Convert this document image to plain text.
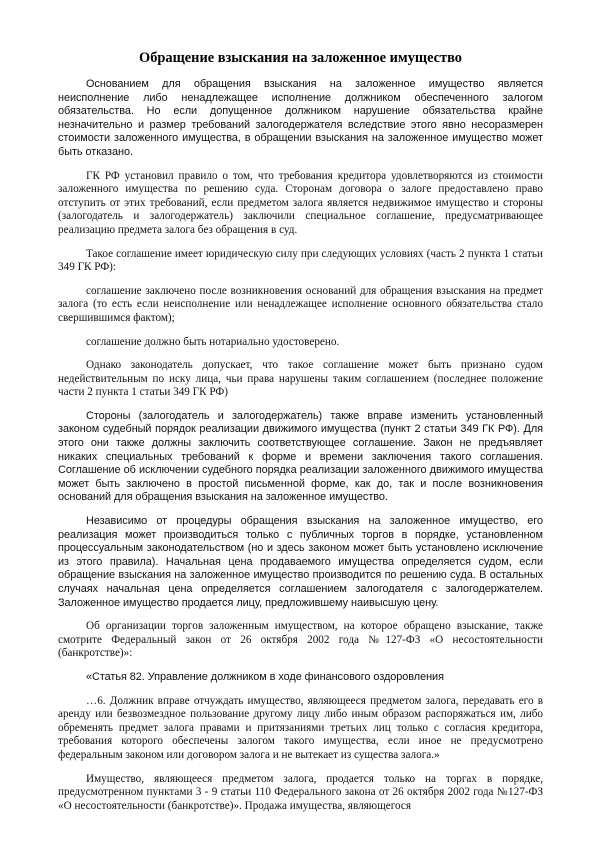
Обращение взыскания на заложенное имущество

Основанием для обращения взыскания на заложенное имущество является неисполнение либо ненадлежащее исполнение должником обеспеченного залогом обязательства. Но если допущенное должником нарушение обязательства крайне незначительно и размер требований залогодержателя вследствие этого явно несоразмерен стоимости заложенного имущества, в обращении взыскания на заложенное имущество может быть отказано.

ГК РФ установил правило о том, что требования кредитора удовлетворяются из стоимости заложенного имущества по решению суда. Сторонам договора о залоге предоставлено право отступить от этих требований, если предметом залога является недвижимое имущество и стороны (залогодатель и залогодержатель) заключили специальное соглашение, предусматривающее реализацию предмета залога без обращения в суд.

Такое соглашение имеет юридическую силу при следующих условиях (часть 2 пункта 1 статьи 349 ГК РФ):

соглашение заключено после возникновения оснований для обращения взыскания на предмет залога (то есть если неисполнение или ненадлежащее исполнение основного обязательства стало свершившимся фактом);

соглашение должно быть нотариально удостоверено.

Однако законодатель допускает, что такое соглашение может быть признано судом недействительным по иску лица, чьи права нарушены таким соглашением (последнее положение части 2 пункта 1 статьи 349 ГК РФ)

Стороны (залогодатель и залогодержатель) также вправе изменить установленный законом судебный порядок реализации движимого имущества (пункт 2 статьи 349 ГК РФ). Для этого они также должны заключить соответствующее соглашение. Закон не предъявляет никаких специальных требований к форме и времени заключения такого соглашения. Соглашение об исключении судебного порядка реализации заложенного движимого имущества может быть заключено в простой письменной форме, как до, так и после возникновения оснований для обращения взыскания на заложенное имущество.

Независимо от процедуры обращения взыскания на заложенное имущество, его реализация может производиться только с публичных торгов в порядке, установленном процессуальным законодательством (но и здесь законом может быть установлено исключение из этого правила). Начальная цена продаваемого имущества определяется судом, если обращение взыскания на заложенное имущество производится по решению суда. В остальных случаях начальная цена определяется соглашением залогодателя с залогодержателем. Заложенное имущество продается лицу, предложившему наивысшую цену.

Об организации торгов заложенным имуществом, на которое обращено взыскание, также смотрите Федеральный закон от 26 октября 2002 года №127-ФЗ «О несостоятельности (банкротстве)»:

«Статья 82. Управление должником в ходе финансового оздоровления

…6. Должник вправе отчуждать имущество, являющееся предметом залога, передавать его в аренду или безвозмездное пользование другому лицу либо иным образом распоряжаться им, либо обременять предмет залога правами и притязаниями третьих лиц только с согласия кредитора, требования которого обеспечены залогом такого имущества, если иное не предусмотрено федеральным законом или договором залога и не вытекает из существа залога.»

Имущество, являющееся предметом залога, продается только на торгах в порядке, предусмотренном пунктами 3 - 9 статьи 110 Федерального закона от 26 октября 2002 года №127-ФЗ «О несостоятельности (банкротстве)». Продажа имущества, являющегося
